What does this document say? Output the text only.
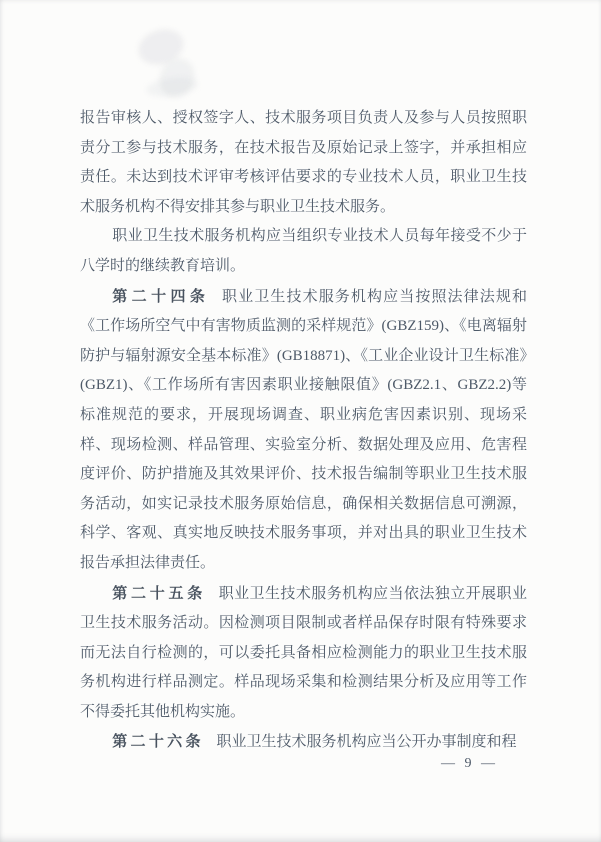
报告审核人、授权签字人、技术服务项目负责人及参与人员按照职责分工参与技术服务，在技术报告及原始记录上签字，并承担相应责任。未达到技术评审考核评估要求的专业技术人员，职业卫生技术服务机构不得安排其参与职业卫生技术服务。

职业卫生技术服务机构应当组织专业技术人员每年接受不少于八学时的继续教育培训。

第二十四条 职业卫生技术服务机构应当按照法律法规和《工作场所空气中有害物质监测的采样规范》(GBZ159)、《电离辐射防护与辐射源安全基本标准》(GB18871)、《工业企业设计卫生标准》(GBZ1)、《工作场所有害因素职业接触限值》(GBZ2.1、GBZ2.2)等标准规范的要求，开展现场调查、职业病危害因素识别、现场采样、现场检测、样品管理、实验室分析、数据处理及应用、危害程度评价、防护措施及其效果评价、技术报告编制等职业卫生技术服务活动，如实记录技术服务原始信息，确保相关数据信息可溯源，科学、客观、真实地反映技术服务事项，并对出具的职业卫生技术报告承担法律责任。

第二十五条 职业卫生技术服务机构应当依法独立开展职业卫生技术服务活动。因检测项目限制或者样品保存时限有特殊要求而无法自行检测的，可以委托具备相应检测能力的职业卫生技术服务机构进行样品测定。样品现场采集和检测结果分析及应用等工作不得委托其他机构实施。

第二十六条 职业卫生技术服务机构应当公开办事制度和程

— 9 —
